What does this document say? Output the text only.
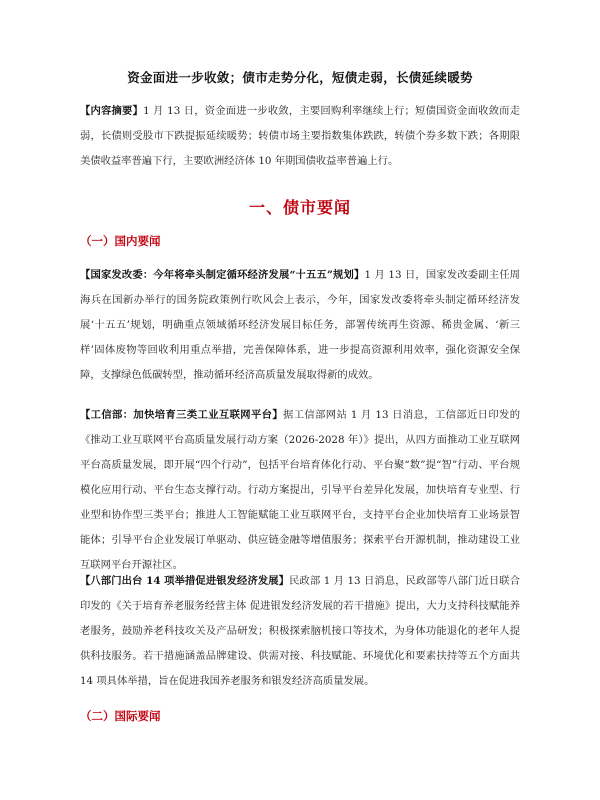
资金面进一步收敛；债市走势分化，短债走弱，长债延续暖势
【内容摘要】1 月 13 日，资金面进一步收敛，主要回购利率继续上行；短债国资金面收敛而走弱，长债则受股市下跌提振延续暖势；转债市场主要指数集体跌跌，转债个券多数下跌；各期限美债收益率普遍下行，主要欧洲经济体 10 年期国债收益率普遍上行。
一、债市要闻
（一）国内要闻
【国家发改委：今年将牵头制定循环经济发展“十五五”规划】1 月 13 日，国家发改委副主任周海兵在国新办举行的国务院政策例行吹风会上表示，今年，国家发改委将牵头制定循环经济发展‘十五五’规划，明确重点领域循环经济发展目标任务，部署传统再生资源、稀贵金属、‘新三样’固体废物等回收利用重点举措，完善保障体系，进一步提高资源利用效率，强化资源安全保障，支撑绿色低碳转型，推动循环经济高质量发展取得新的成效。
【工信部：加快培育三类工业互联网平台】据工信部网站 1 月 13 日消息，工信部近日印发的《推动工业互联网平台高质量发展行动方案（2026-2028 年）》提出，从四方面推动工业互联网平台高质量发展，即开展“四个行动”，包括平台培育体化行动、平台聚“数”提“智”行动、平台规模化应用行动、平台生态支撑行动。行动方案提出，引导平台差异化发展，加快培育专业型、行业型和协作型三类平台；推进人工智能赋能工业互联网平台，支持平台企业加快培育工业场景智能体；引导平台企业发展订单驱动、供应链金融等增值服务；探索平台开源机制，推动建设工业互联网平台开源社区。
【八部门出台 14 项举措促进银发经济发展】民政部 1 月 13 日消息，民政部等八部门近日联合印发的《关于培育养老服务经营主体 促进银发经济发展的若干措施》提出，大力支持科技赋能养老服务，鼓励养老科技攻关及产品研发；积极探索脑机接口等技术，为身体功能退化的老年人提供科技服务。若干措施涵盖品牌建设、供需对接、科技赋能、环境优化和要素扶持等五个方面共 14 项具体举措，旨在促进我国养老服务和银发经济高质量发展。
（二）国际要闻
